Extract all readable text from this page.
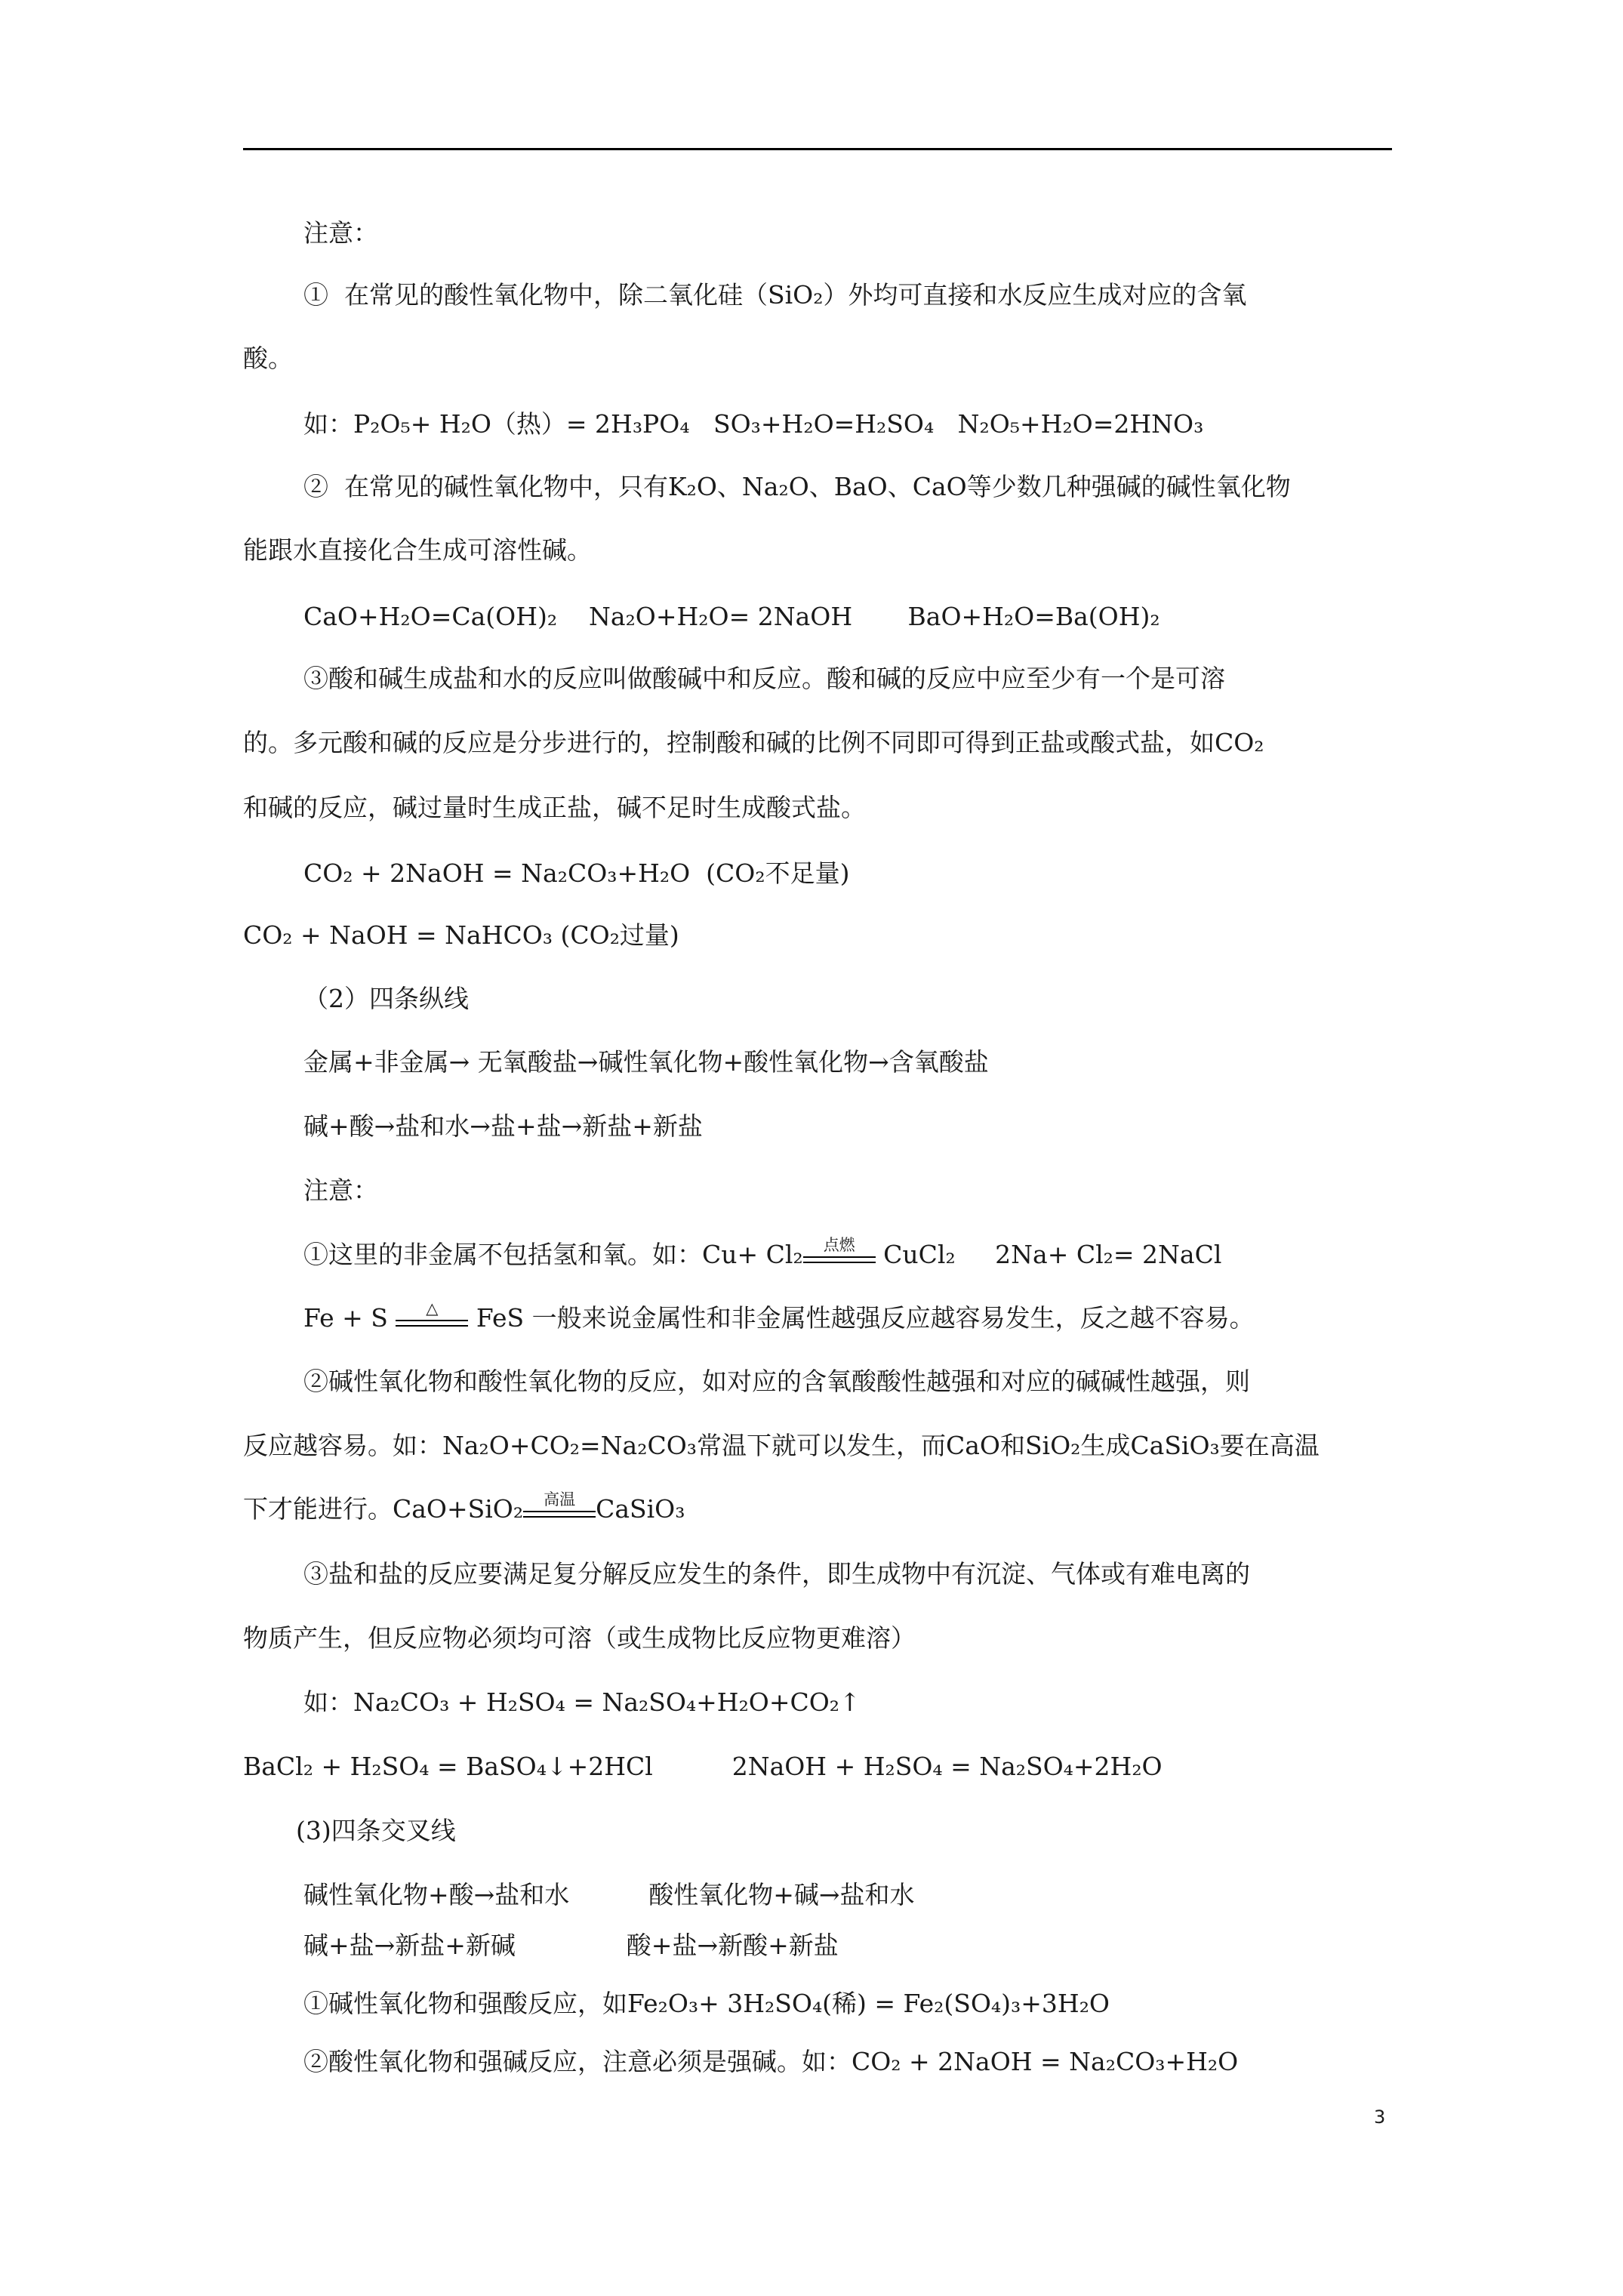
注意：
①  在常见的酸性氧化物中，除二氧化硅（SiO₂）外均可直接和水反应生成对应的含氧
酸。
如：P₂O₅+ H₂O（热）= 2H₃PO₄   SO₃+H₂O=H₂SO₄   N₂O₅+H₂O=2HNO₃
②  在常见的碱性氧化物中，只有K₂O、Na₂O、BaO、CaO等少数几种强碱的碱性氧化物
能跟水直接化合生成可溶性碱。
CaO+H₂O=Ca(OH)₂    Na₂O+H₂O= 2NaOH       BaO+H₂O=Ba(OH)₂
③酸和碱生成盐和水的反应叫做酸碱中和反应。酸和碱的反应中应至少有一个是可溶
的。多元酸和碱的反应是分步进行的，控制酸和碱的比例不同即可得到正盐或酸式盐，如CO₂
和碱的反应，碱过量时生成正盐，碱不足时生成酸式盐。
CO₂ + 2NaOH = Na₂CO₃+H₂O  (CO₂不足量)
CO₂ + NaOH = NaHCO₃ (CO₂过量)
（2）四条纵线
金属+非金属→ 无氧酸盐→碱性氧化物+酸性氧化物→含氧酸盐
碱+酸→盐和水→盐+盐→新盐+新盐
注意：
①这里的非金属不包括氢和氧。如：Cu+ Cl₂	点燃 CuCl₂     2Na+ Cl₂= 2NaCl
Fe + S	△	FeS 一般来说金属性和非金属性越强反应越容易发生，反之越不容易。
②碱性氧化物和酸性氧化物的反应，如对应的含氧酸酸性越强和对应的碱碱性越强，则
反应越容易。如：Na₂O+CO₂=Na₂CO₃常温下就可以发生，而CaO和SiO₂生成CaSiO₃要在高温
下才能进行。CaO+SiO₂	高温 CaSiO₃
③盐和盐的反应要满足复分解反应发生的条件，即生成物中有沉淀、气体或有难电离的
物质产生，但反应物必须均可溶（或生成物比反应物更难溶）
如：Na₂CO₃ + H₂SO₄ = Na₂SO₄+H₂O+CO₂↑
BaCl₂ + H₂SO₄ = BaSO₄↓+2HCl          2NaOH + H₂SO₄ = Na₂SO₄+2H₂O
(3)四条交叉线
碱性氧化物+酸→盐和水          酸性氧化物+碱→盐和水
碱+盐→新盐+新碱              酸+盐→新酸+新盐
①碱性氧化物和强酸反应，如Fe₂O₃+ 3H₂SO₄(稀) = Fe₂(SO₄)₃+3H₂O
②酸性氧化物和强碱反应，注意必须是强碱。如：CO₂ + 2NaOH = Na₂CO₃+H₂O
3
